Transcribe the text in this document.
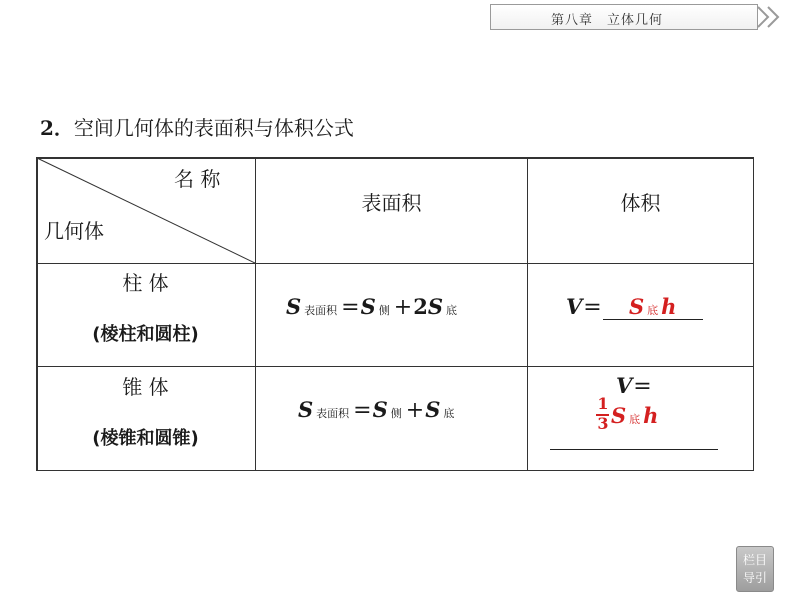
第八章　立体几何
2．空间几何体的表面积与体积公式
名 称
几何体
表面积	体积
柱 体
(棱柱和圆柱)
S表面积 =S 侧 +2S 底	V= S 底 h
锥 体
(棱锥和圆锥)
S表面积 =S 侧 +S 底
V=
1
3 S底 h
栏目
导引
